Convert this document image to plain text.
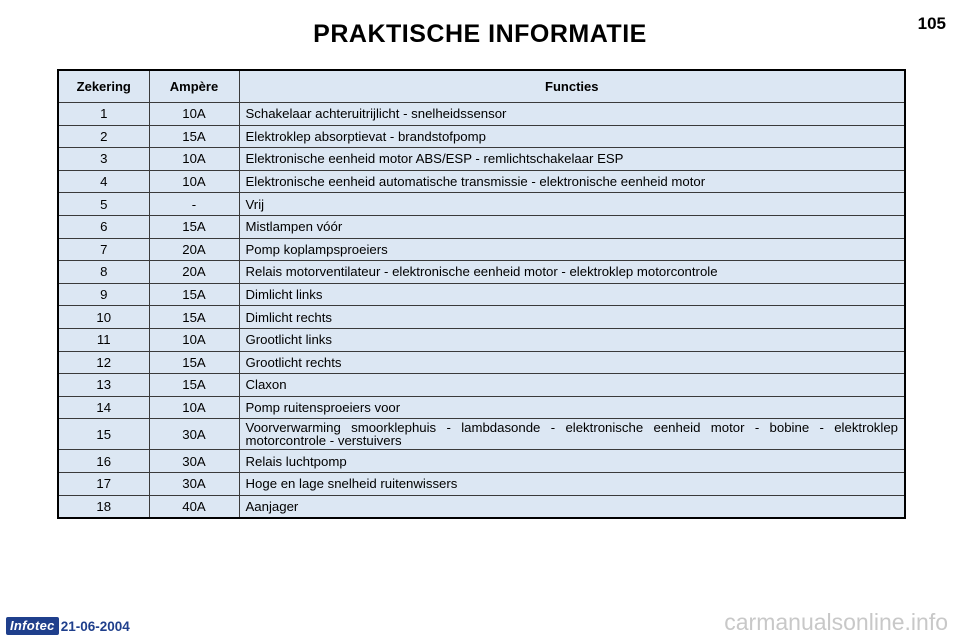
PRAKTISCHE INFORMATIE	105
Zekering	Ampère	Functies
1	10A	Schakelaar achteruitrijlicht - snelheidssensor
2	15A	Elektroklep absorptievat - brandstofpomp
3	10A	Elektronische eenheid motor ABS/ESP - remlichtschakelaar ESP
4	10A	Elektronische eenheid automatische transmissie - elektronische eenheid motor
5	-	Vrij
6	15A	Mistlampen vóór
7	20A	Pomp koplampsproeiers
8	20A	Relais motorventilateur - elektronische eenheid motor - elektroklep motorcontrole
9	15A	Dimlicht links
10	15A	Dimlicht rechts
11	10A	Grootlicht links
12	15A	Grootlicht rechts
13	15A	Claxon
14	10A	Pomp ruitensproeiers voor
15	30A	Voorverwarming smoorklephuis - lambdasonde - elektronische eenheid motor - bobine - elektroklep motorcontrole - verstuivers
16	30A	Relais luchtpomp
17	30A	Hoge en lage snelheid ruitenwissers
18	40A	Aanjager
Infotec 21-06-2004	carmanualsonline.info
